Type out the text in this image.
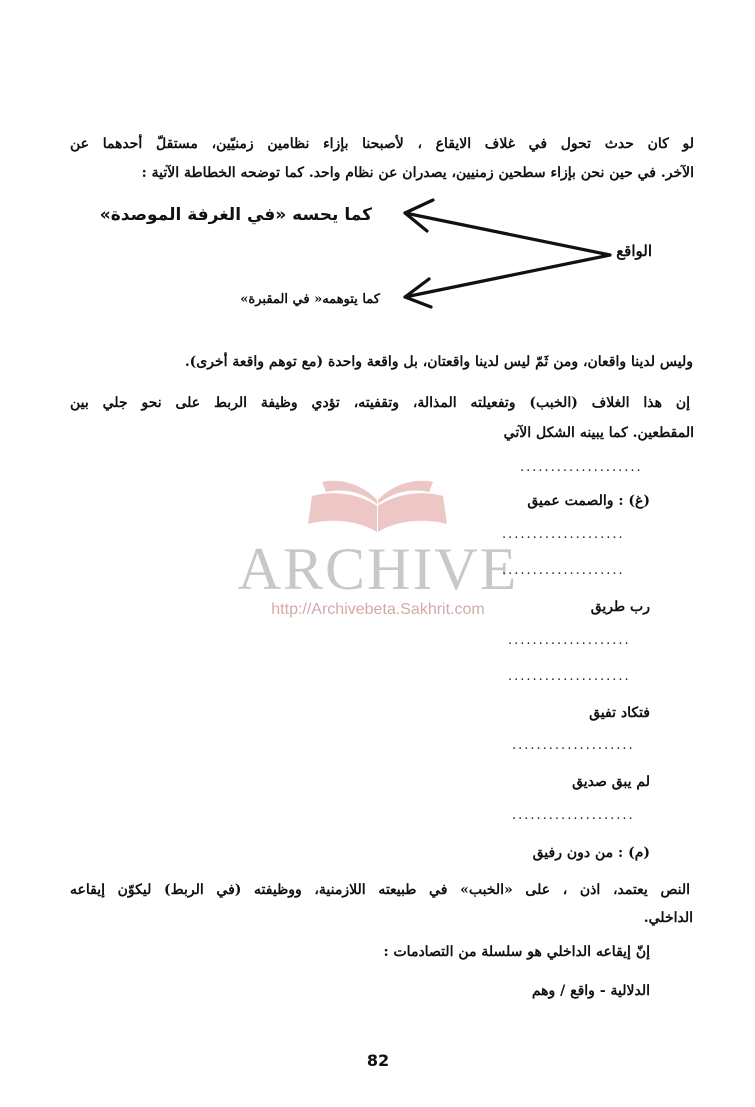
ARCHIVE
http://Archivebeta.Sakhrit.com
لو كان حدث تحول في غلاف الايقاع ، لأصبحنا بإزاء نظامين زمنيّين، مستقلّ أحدهما عن
الآخر. في حين نحن بإزاء سطحين زمنيين، يصدران عن نظام واحد. كما توضحه الخطاطة الآتية :
كما يحسه «في الغرفة الموصدة»
الواقع
كما يتوهمه« في المقبرة»
وليس لدينا واقعان، ومن ثَمّ ليس لدينا واقعتان، بل واقعة واحدة (مع توهم واقعة أخرى).
إن هذا الغلاف (الخبب) وتفعيلته المذالة، وتقفيته، تؤدي وظيفة الربط على نحو جلي بين
المقطعين. كما يبينه الشكل الآتي
....................
(غ) : والصمت عميق
....................
....................
رب طريق
....................
....................
فتكاد تفيق
....................
لم يبق صديق
....................
(م) : من دون رفيق
النص يعتمد، اذن ، على «الخبب» في طبيعته اللازمنية، ووظيفته (في الربط) ليكوّن إيقاعه
الداخلي.
إنّ إيقاعه الداخلي هو سلسلة من التصادمات :
الدلالية - واقع / وهم
82
